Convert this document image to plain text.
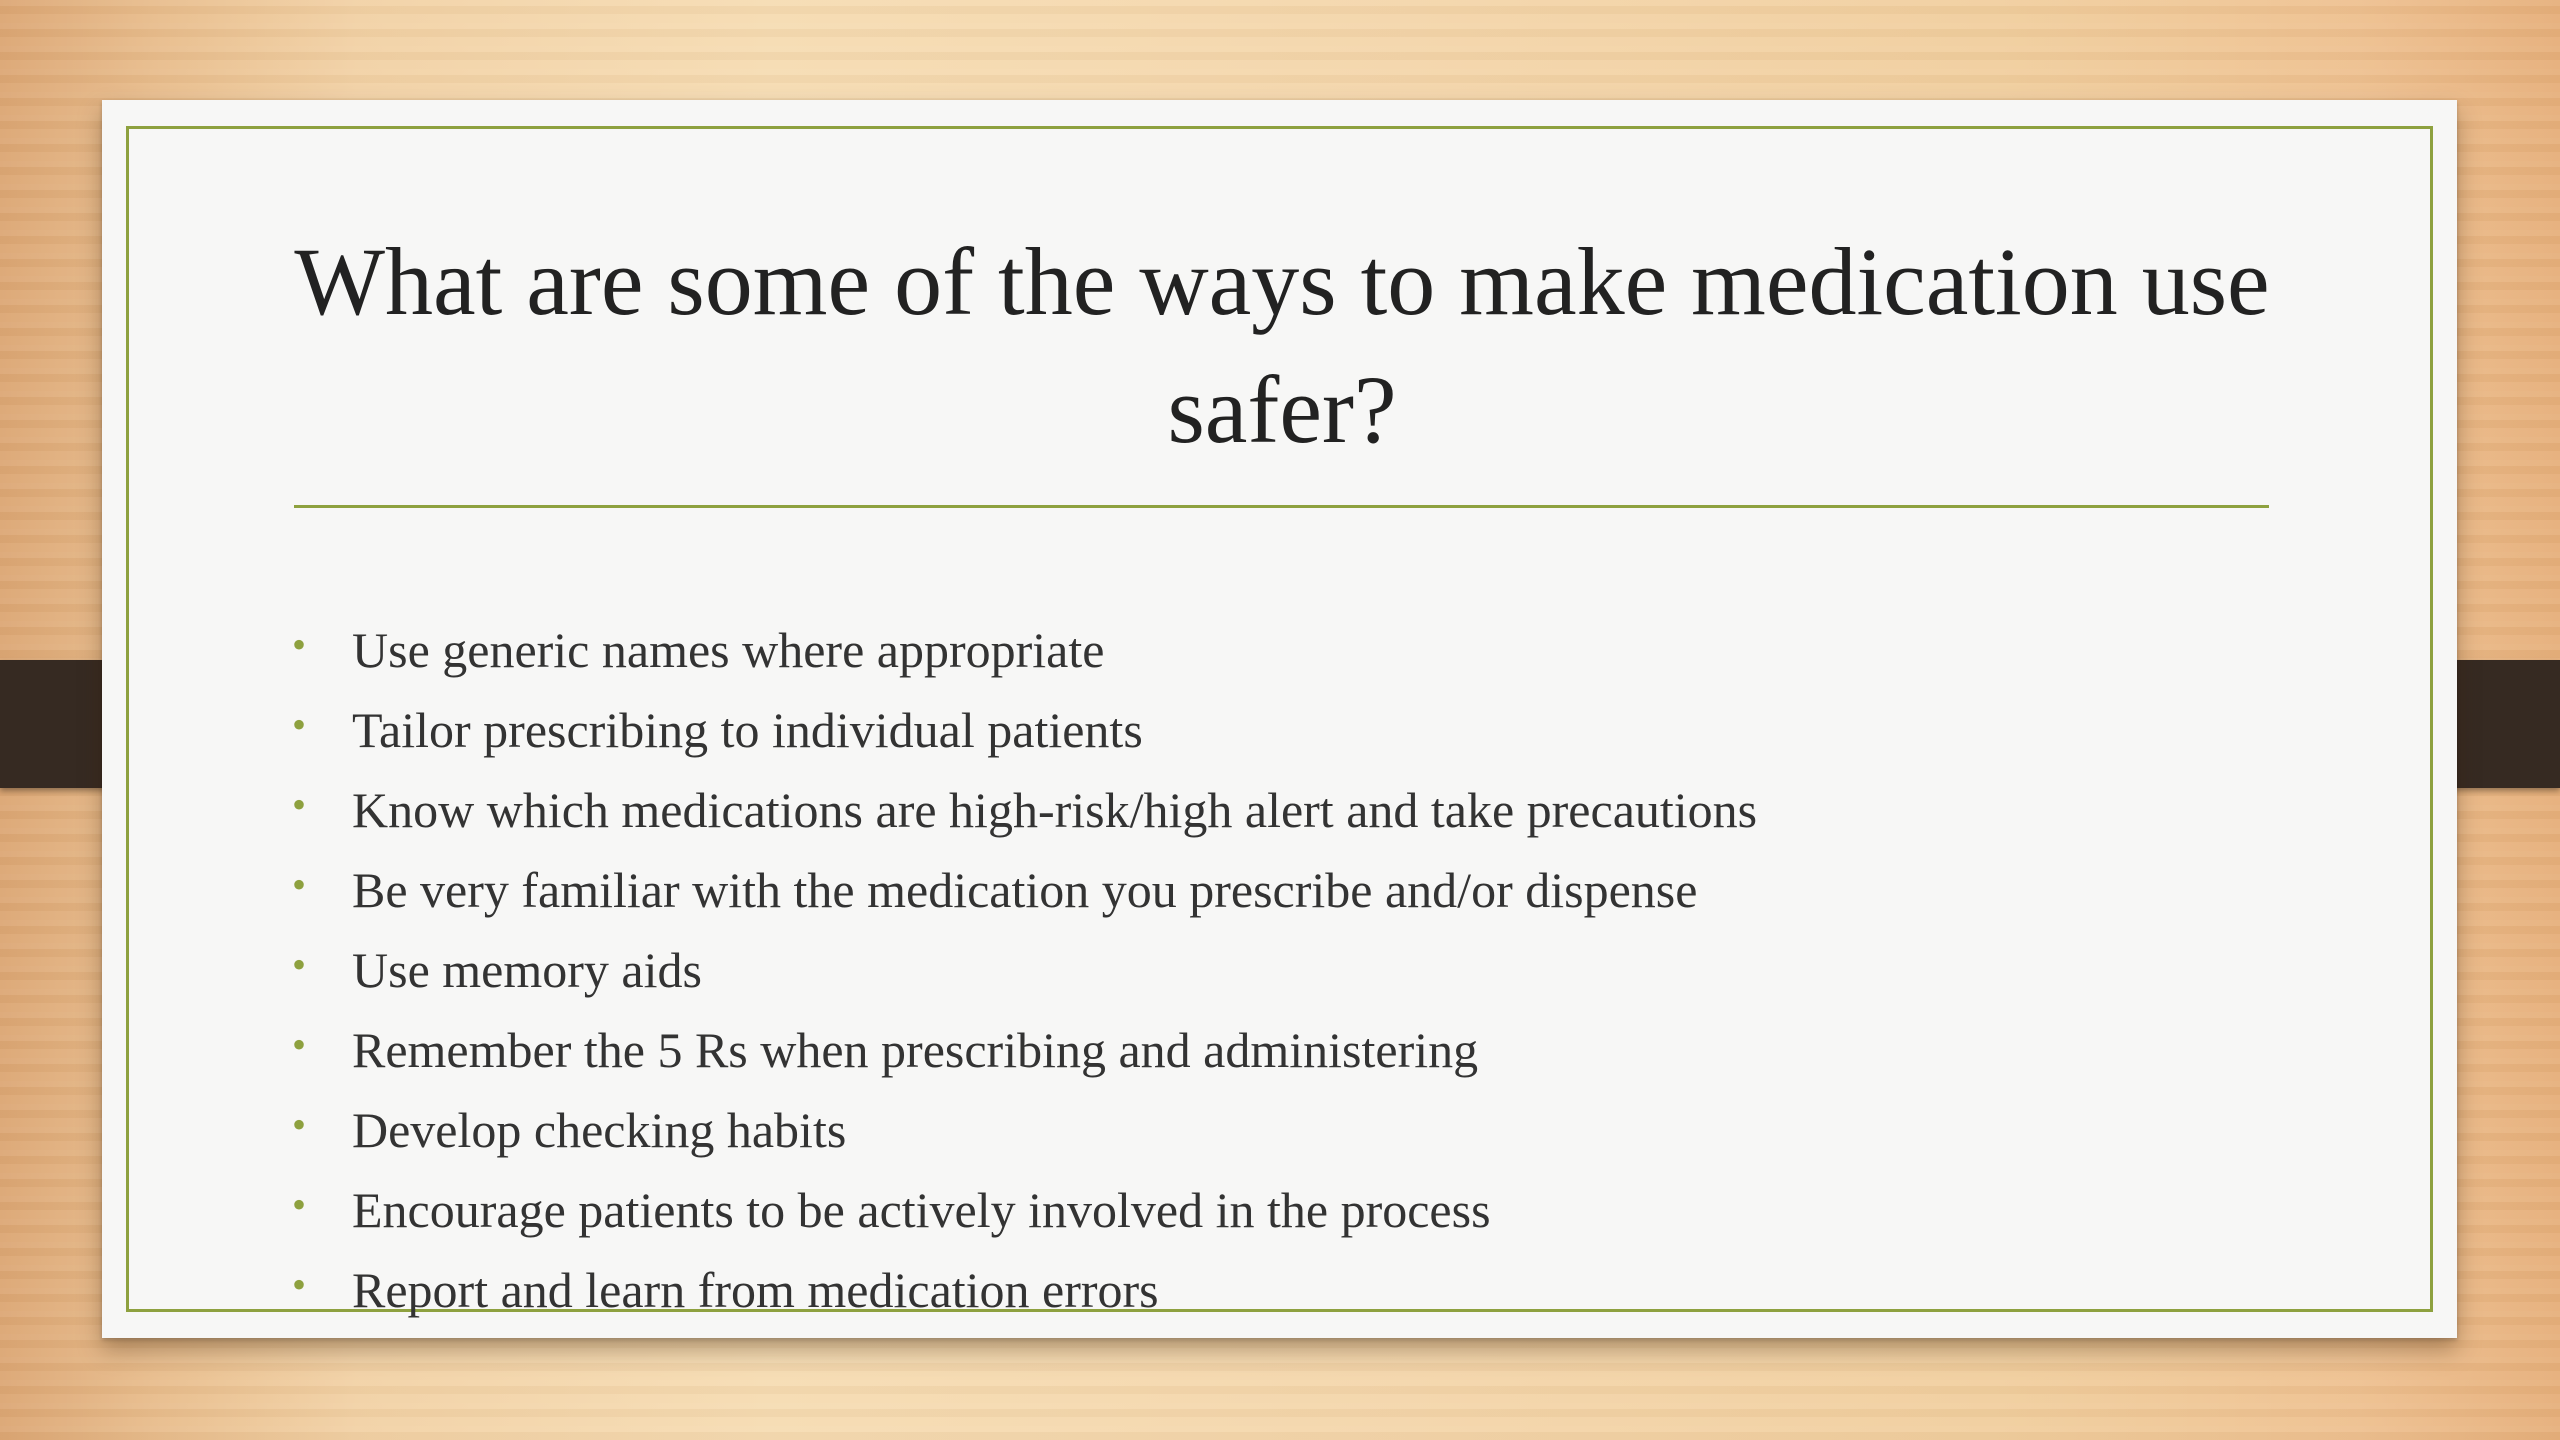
What are some of the ways to make medication use safer?
• Use generic names where appropriate
• Tailor prescribing to individual patients
• Know which medications are high-risk/high alert and take precautions
• Be very familiar with the medication you prescribe and/or dispense
• Use memory aids
• Remember the 5 Rs when prescribing and administering
• Develop checking habits
• Encourage patients to be actively involved in the process
• Report and learn from medication errors
